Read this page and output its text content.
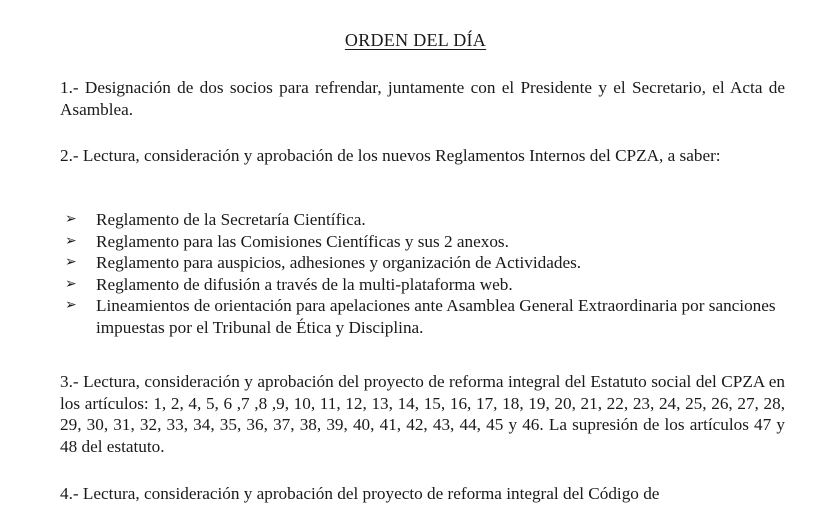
ORDEN DEL DÍA
1.- Designación de dos socios para refrendar, juntamente con el Presidente y el Secretario, el Acta de Asamblea.
2.- Lectura, consideración y aprobación de los nuevos Reglamentos Internos del CPZA, a saber:
➢ Reglamento de la Secretaría Científica.
➢ Reglamento para las Comisiones Científicas y sus 2 anexos.
➢ Reglamento para auspicios, adhesiones y organización de Actividades.
➢ Reglamento de difusión a través de la multi-plataforma web.
➢ Lineamientos de orientación para apelaciones ante Asamblea General Extraordinaria por sanciones impuestas por el Tribunal de Ética y Disciplina.
3.- Lectura, consideración y aprobación del proyecto de reforma integral del Estatuto social del CPZA en los artículos: 1, 2, 4, 5, 6 ,7 ,8 ,9, 10, 11, 12, 13, 14, 15, 16, 17, 18, 19, 20, 21, 22, 23, 24, 25, 26, 27, 28, 29, 30, 31, 32, 33, 34, 35, 36, 37, 38, 39, 40, 41, 42, 43, 44, 45 y 46. La supresión de los artículos 47 y 48 del estatuto.
4.- Lectura, consideración y aprobación del proyecto de reforma integral del Código de
